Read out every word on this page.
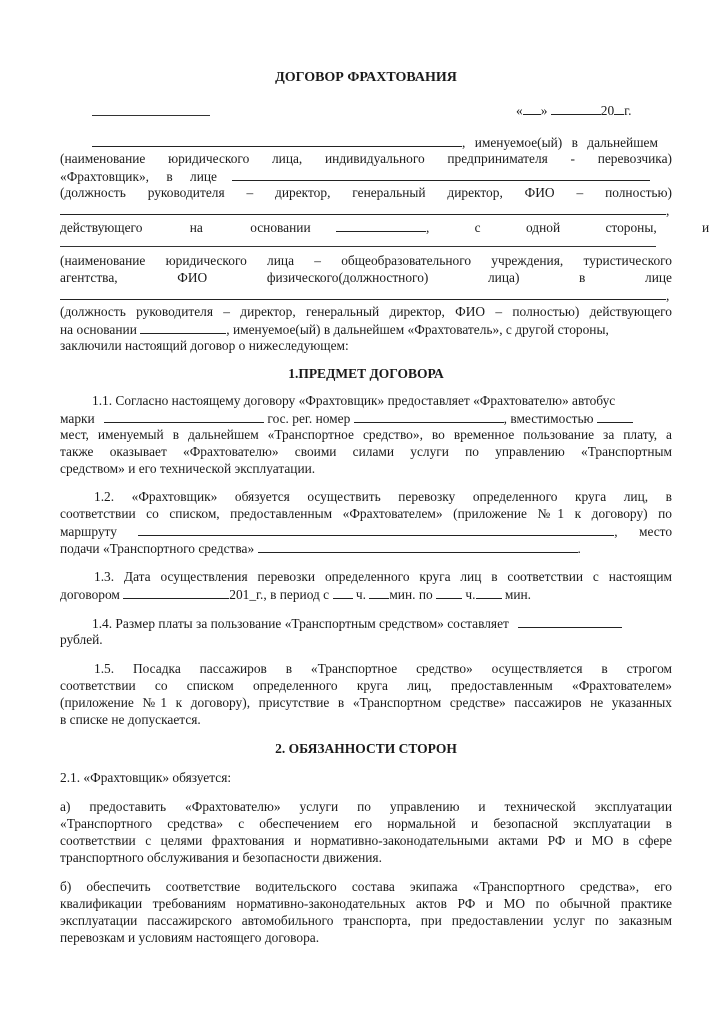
ДОГОВОР ФРАХТОВАНИЯ
« »	20 г.
, именуемое(ый) в дальнейшем
(наименование юридического лица, индивидуального предпринимателя - перевозчика)
«Фрахтовщик», в лице
(должность руководителя – директор, генеральный директор, ФИО – полностью)
,
действующего на основании	, с одной стороны, и
(наименование юридического лица – общеобразовательного учреждения, туристического
агентства, ФИО физического(должностного) лица) в лице
,
(должность руководителя – директор, генеральный директор, ФИО – полностью) действующего
на основании	, именуемое(ый) в дальнейшем «Фрахтователь», с другой стороны,
заключили настоящий договор о нижеследующем:
1.ПРЕДМЕТ ДОГОВОРА
1.1. Согласно настоящему договору «Фрахтовщик» предоставляет «Фрахтователю» автобус
марки	гос. рег. номер	, вместимостью
мест, именуемый в дальнейшем «Транспортное средство», во временное пользование за плату, а
также оказывает «Фрахтователю» своими силами услуги по управлению «Транспортным
средством» и его технической эксплуатации.
1.2. «Фрахтовщик» обязуется осуществить перевозку определенного круга лиц, в
соответствии со списком, предоставленным «Фрахтователем» (приложение №1 к договору) по
маршруту	, место
подачи «Транспортного средства»	.
1.3. Дата осуществления перевозки определенного круга лиц в соответствии с настоящим
договором	201_г., в период с ч. мин. по ч. мин.
1.4. Размер платы за пользование «Транспортным средством» составляет
рублей.
1.5. Посадка пассажиров в «Транспортное средство» осуществляется в строгом
соответствии со списком определенного круга лиц, предоставленным «Фрахтователем»
(приложение №1 к договору), присутствие в «Транспортном средстве» пассажиров не указанных
в списке не допускается.
2. ОБЯЗАННОСТИ СТОРОН
2.1. «Фрахтовщик» обязуется:
а) предоставить «Фрахтователю» услуги по управлению и технической эксплуатации
«Транспортного средства» с обеспечением его нормальной и безопасной эксплуатации в
соответствии с целями фрахтования и нормативно-законодательными актами РФ и МО в сфере
транспортного обслуживания и безопасности движения.
б) обеспечить соответствие водительского состава экипажа «Транспортного средства», его
квалификации требованиям нормативно-законодательных актов РФ и МО по обычной практике
эксплуатации пассажирского автомобильного транспорта, при предоставлении услуг по заказным
перевозкам и условиям настоящего договора.
